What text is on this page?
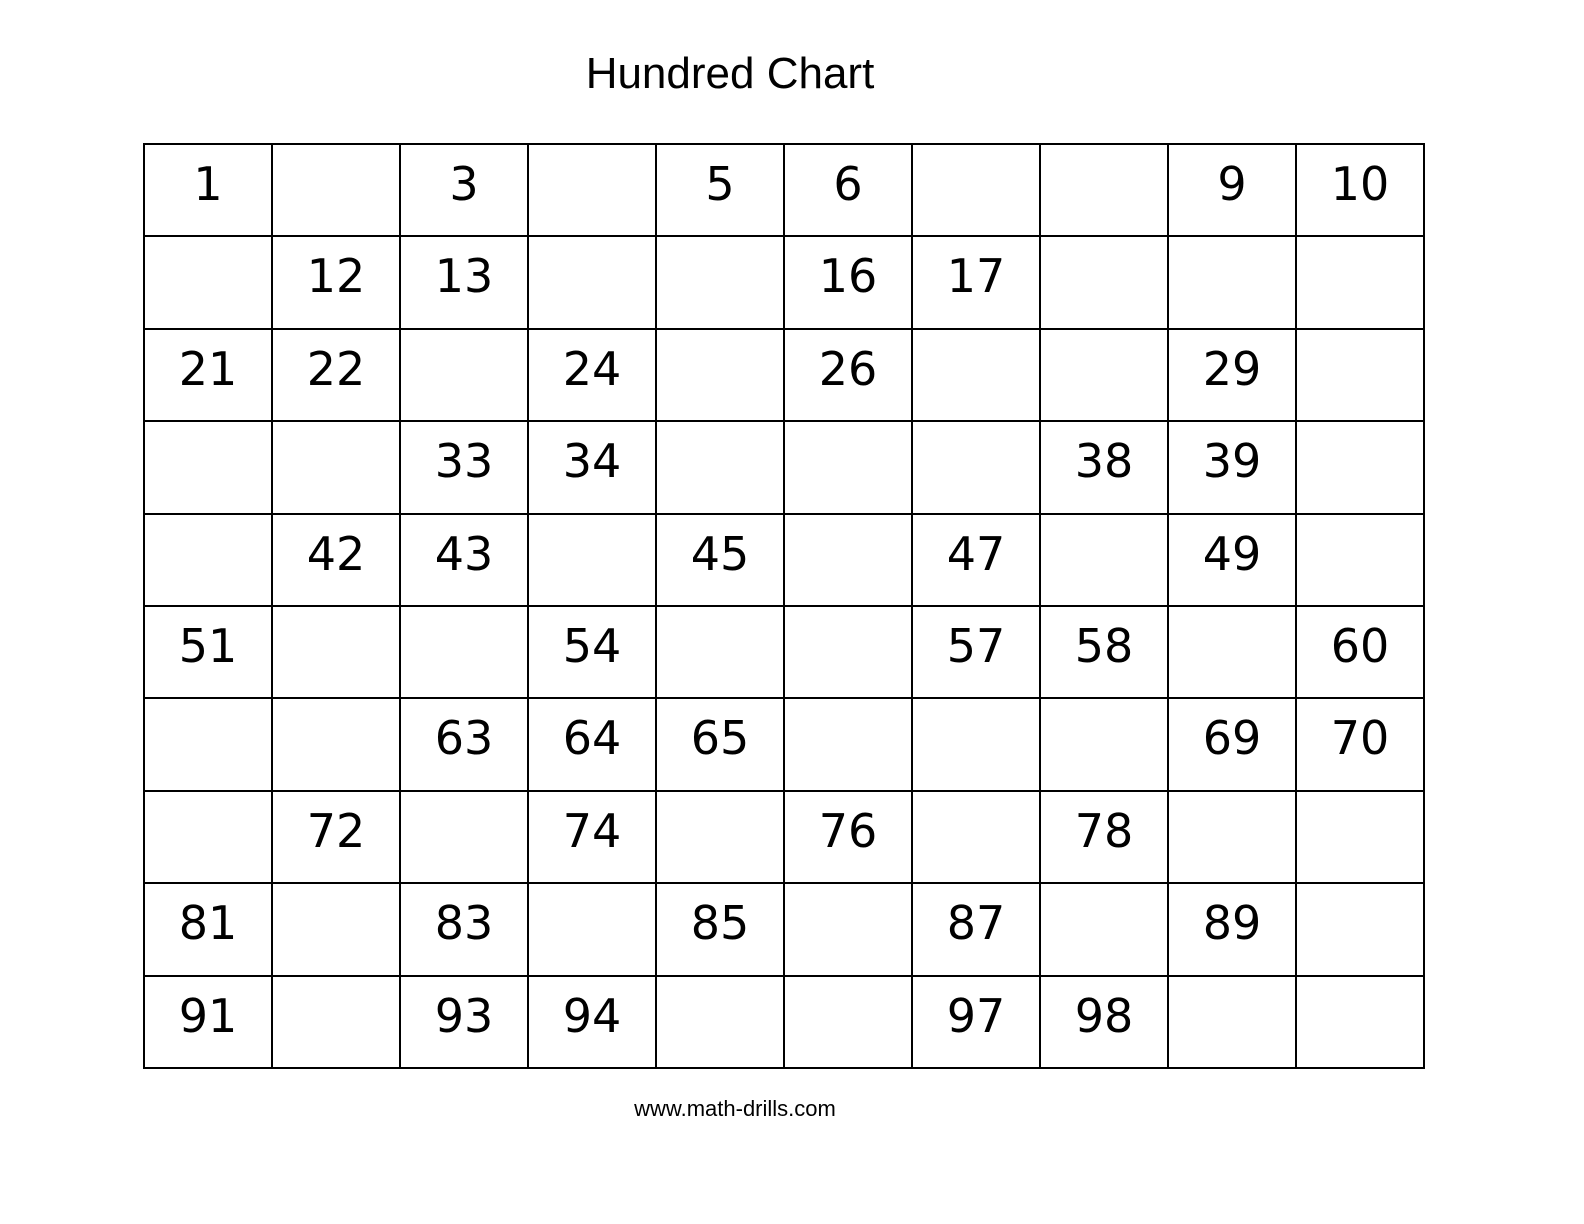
Hundred Chart
1		3		5	6			9	10
	12	13			16	17			
21	22		24		26			29	
		33	34				38	39	
	42	43		45		47		49	
51			54			57	58		60
		63	64	65				69	70
	72		74		76		78		
81		83		85		87		89	
91		93	94			97	98		
www.math-drills.com
